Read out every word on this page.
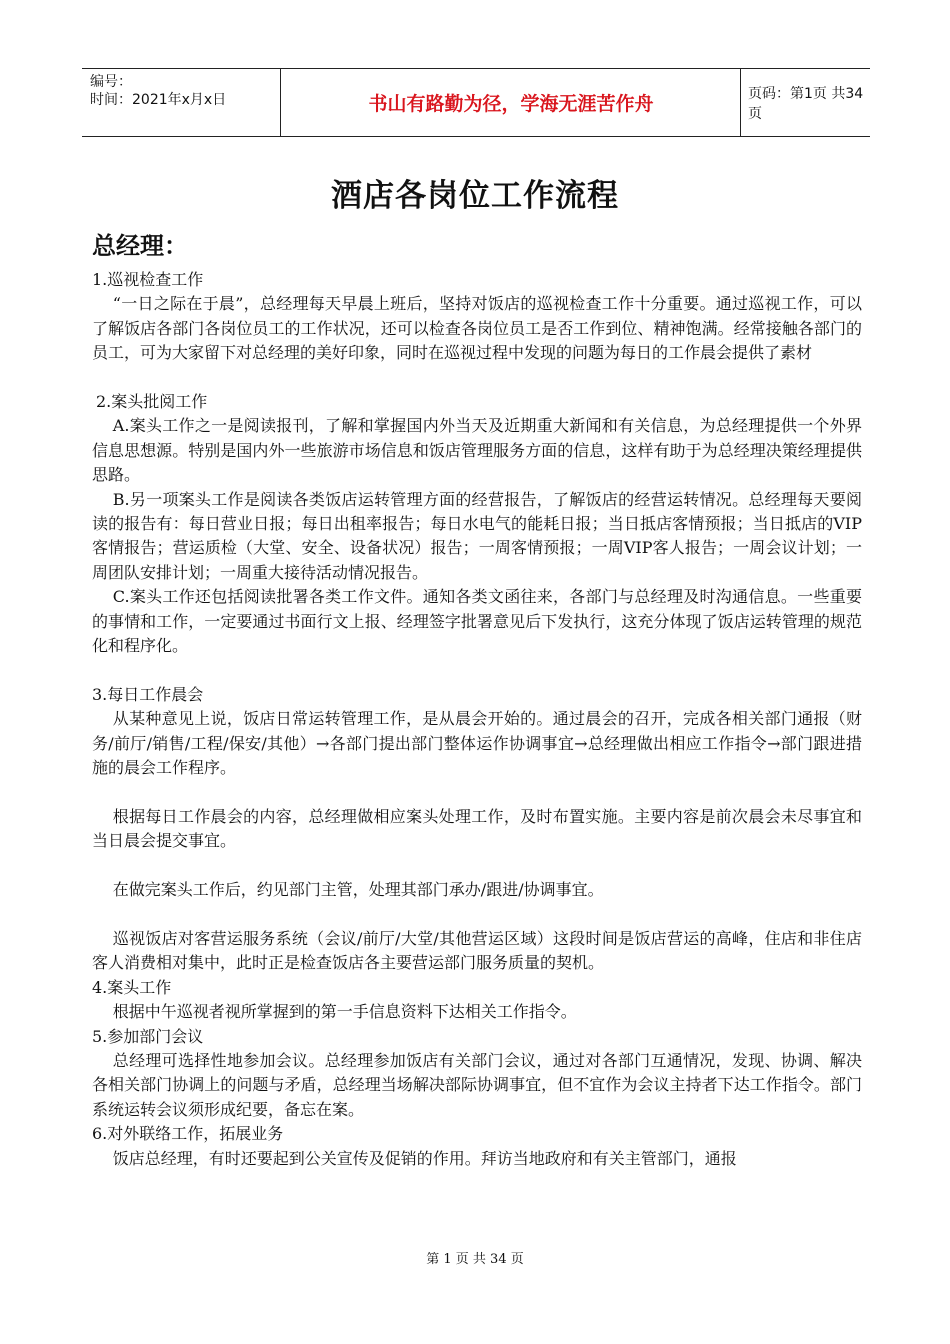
编号：
时间：2021年x月x日	书山有路勤为径，学海无涯苦作舟	页码：第1页 共34页
酒店各岗位工作流程
总经理：

1.巡视检查工作

“一日之际在于晨”，总经理每天早晨上班后，坚持对饭店的巡视检查工作十分重要。通过巡视工作，可以了解饭店各部门各岗位员工的工作状况，还可以检查各岗位员工是否工作到位、精神饱满。经常接触各部门的员工，可为大家留下对总经理的美好印象，同时在巡视过程中发现的问题为每日的工作晨会提供了素材

2.案头批阅工作

A.案头工作之一是阅读报刊，了解和掌握国内外当天及近期重大新闻和有关信息，为总经理提供一个外界信息思想源。特别是国内外一些旅游市场信息和饭店管理服务方面的信息，这样有助于为总经理决策经理提供思路。

B.另一项案头工作是阅读各类饭店运转管理方面的经营报告，了解饭店的经营运转情况。总经理每天要阅读的报告有：每日营业日报；每日出租率报告；每日水电气的能耗日报；当日抵店客情预报；当日抵店的VIP客情报告；营运质检（大堂、安全、设备状况）报告；一周客情预报；一周VIP客人报告；一周会议计划；一周团队安排计划；一周重大接待活动情况报告。

C.案头工作还包括阅读批署各类工作文件。通知各类文函往来，各部门与总经理及时沟通信息。一些重要的事情和工作，一定要通过书面行文上报、经理签字批署意见后下发执行，这充分体现了饭店运转管理的规范化和程序化。

3.每日工作晨会

从某种意见上说，饭店日常运转管理工作，是从晨会开始的。通过晨会的召开，完成各相关部门通报（财务/前厅/销售/工程/保安/其他）→各部门提出部门整体运作协调事宜→总经理做出相应工作指令→部门跟进措施的晨会工作程序。

根据每日工作晨会的内容，总经理做相应案头处理工作，及时布置实施。主要内容是前次晨会未尽事宜和当日晨会提交事宜。

在做完案头工作后，约见部门主管，处理其部门承办/跟进/协调事宜。

巡视饭店对客营运服务系统（会议/前厅/大堂/其他营运区域）这段时间是饭店营运的高峰，住店和非住店客人消费相对集中，此时正是检查饭店各主要营运部门服务质量的契机。

4.案头工作

根据中午巡视者视所掌握到的第一手信息资料下达相关工作指令。

5.参加部门会议

总经理可选择性地参加会议。总经理参加饭店有关部门会议，通过对各部门互通情况，发现、协调、解决各相关部门协调上的问题与矛盾，总经理当场解决部际协调事宜，但不宜作为会议主持者下达工作指令。部门系统运转会议须形成纪要，备忘在案。

6.对外联络工作，拓展业务

饭店总经理，有时还要起到公关宣传及促销的作用。拜访当地政府和有关主管部门，通报

第 1 页 共 34 页
